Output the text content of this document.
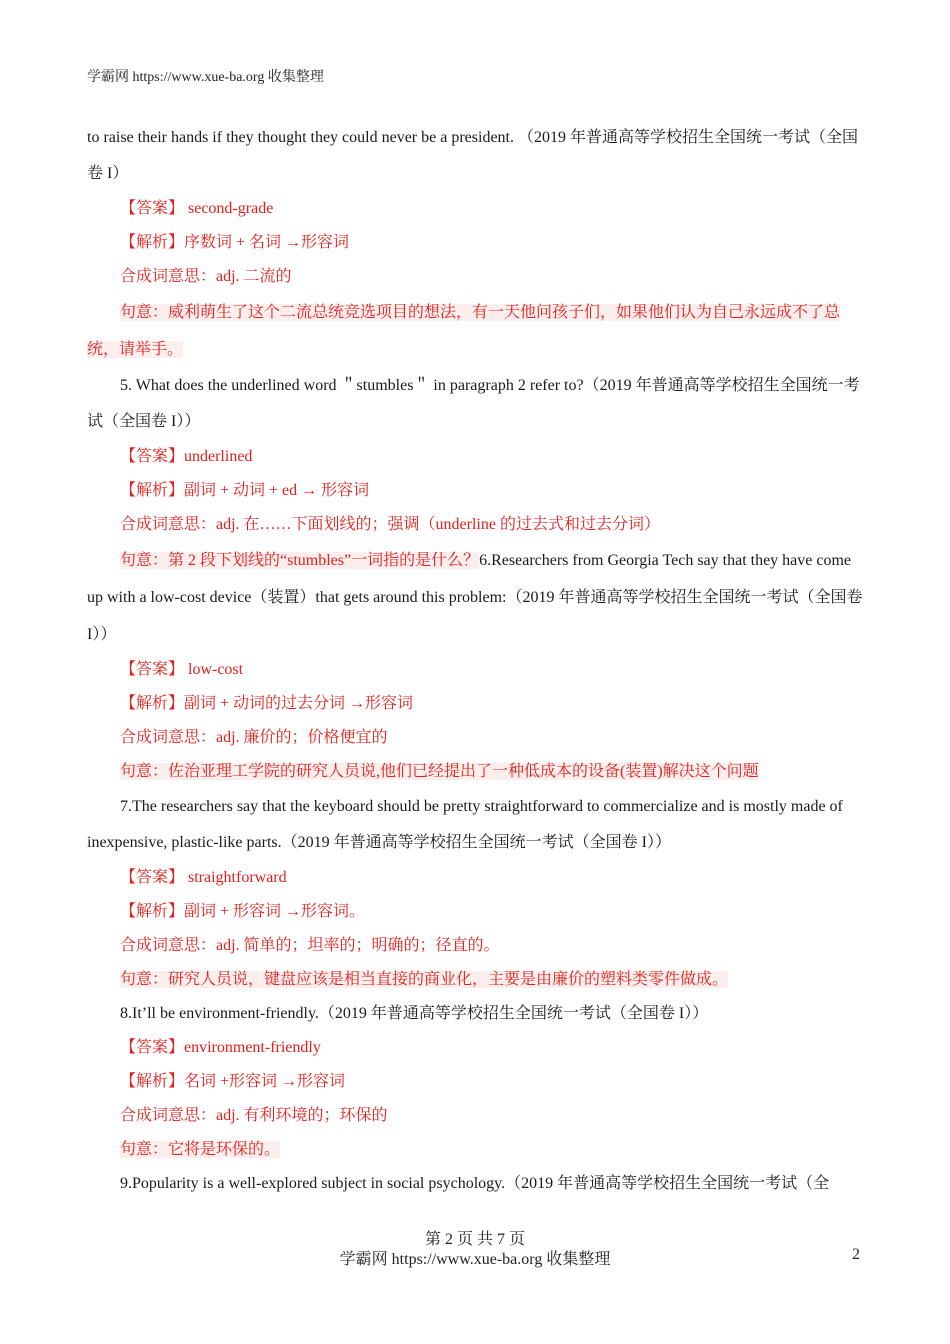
学霸网 https://www.xue-ba.org 收集整理

to raise their hands if they thought they could never be a president. （2019 年普通高等学校招生全国统一考试（全国卷 I）

【答案】 second-grade

【解析】序数词 + 名词 →形容词

合成词意思：adj. 二流的

句意：威利萌生了这个二流总统竞选项目的想法，有一天他问孩子们，如果他们认为自己永远成不了总统，请举手。

5. What does the underlined word ＂stumbles＂ in paragraph 2 refer to?（2019 年普通高等学校招生全国统一考试（全国卷 I））

【答案】underlined

【解析】副词 + 动词 + ed → 形容词

合成词意思：adj. 在……下面划线的；强调（underline 的过去式和过去分词）

句意：第 2 段下划线的“stumbles”一词指的是什么？6.Researchers from Georgia Tech say that they have come up with a low-cost device（装置）that gets around this problem:（2019 年普通高等学校招生全国统一考试（全国卷 I））

【答案】 low-cost

【解析】副词 + 动词的过去分词 →形容词

合成词意思：adj. 廉价的；价格便宜的

句意：佐治亚理工学院的研究人员说,他们已经提出了一种低成本的设备(装置)解决这个问题

7.The researchers say that the keyboard should be pretty straightforward to commercialize and is mostly made of inexpensive, plastic-like parts.（2019 年普通高等学校招生全国统一考试（全国卷 I））

【答案】 straightforward

【解析】副词 + 形容词 →形容词。

合成词意思：adj. 简单的；坦率的；明确的；径直的。

句意：研究人员说，键盘应该是相当直接的商业化，主要是由廉价的塑料类零件做成。

8.It’ll be environment-friendly.（2019 年普通高等学校招生全国统一考试（全国卷 I））

【答案】environment-friendly

【解析】名词 +形容词 →形容词

合成词意思：adj. 有利环境的；环保的

句意：它将是环保的。

9.Popularity is a well-explored subject in social psychology.（2019 年普通高等学校招生全国统一考试（全

第 2 页 共 7 页
学霸网 https://www.xue-ba.org 收集整理	2
